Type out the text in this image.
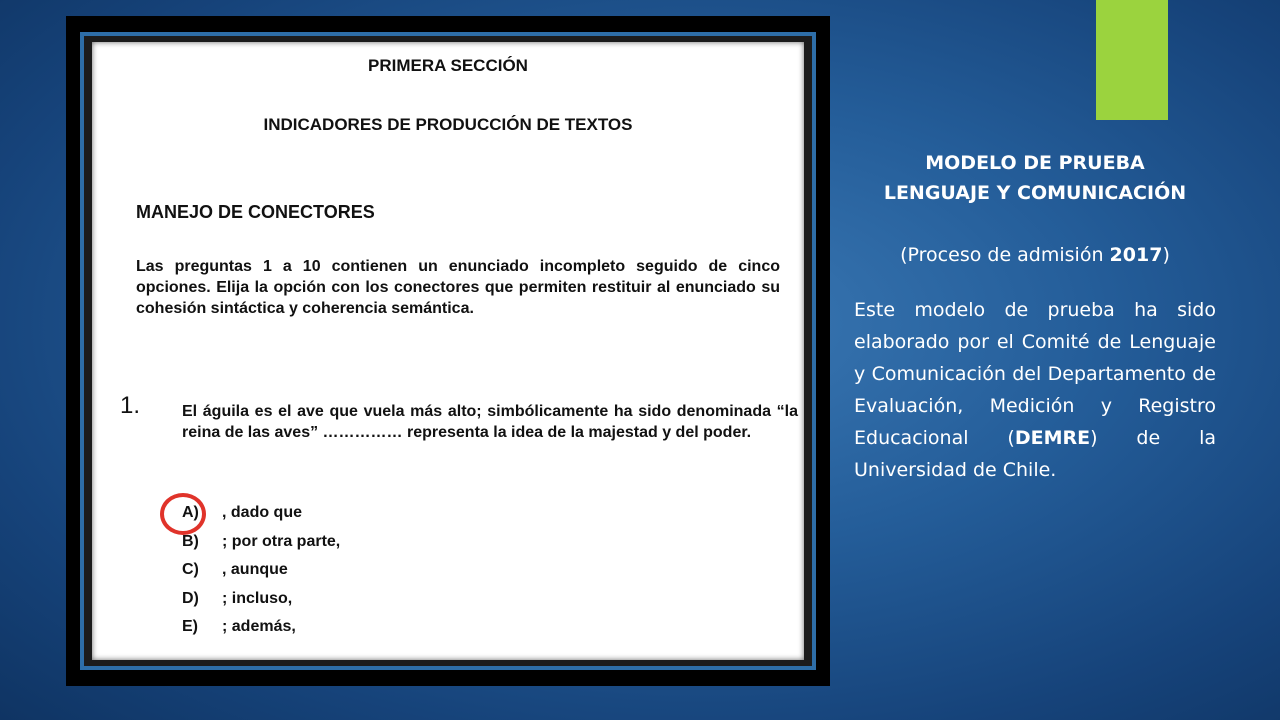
PRIMERA SECCIÓN
INDICADORES DE PRODUCCIÓN DE TEXTOS
MANEJO DE CONECTORES
Las preguntas 1 a 10 contienen un enunciado incompleto seguido de cinco opciones. Elija la opción con los conectores que permiten restituir al enunciado su cohesión sintáctica y coherencia semántica.
1.	El águila es el ave que vuela más alto; simbólicamente ha sido denominada “la reina de las aves” …………… representa la idea de la majestad y del poder.
A)	, dado que
B)	; por otra parte,
C)	, aunque
D)	; incluso,
E)	; además,
MODELO DE PRUEBA
LENGUAJE Y COMUNICACIÓN
(Proceso de admisión 2017)
Este modelo de prueba ha sido elaborado por el Comité de Lenguaje y Comunicación del Departamento de Evaluación, Medición y Registro Educacional (DEMRE) de la Universidad de Chile.
